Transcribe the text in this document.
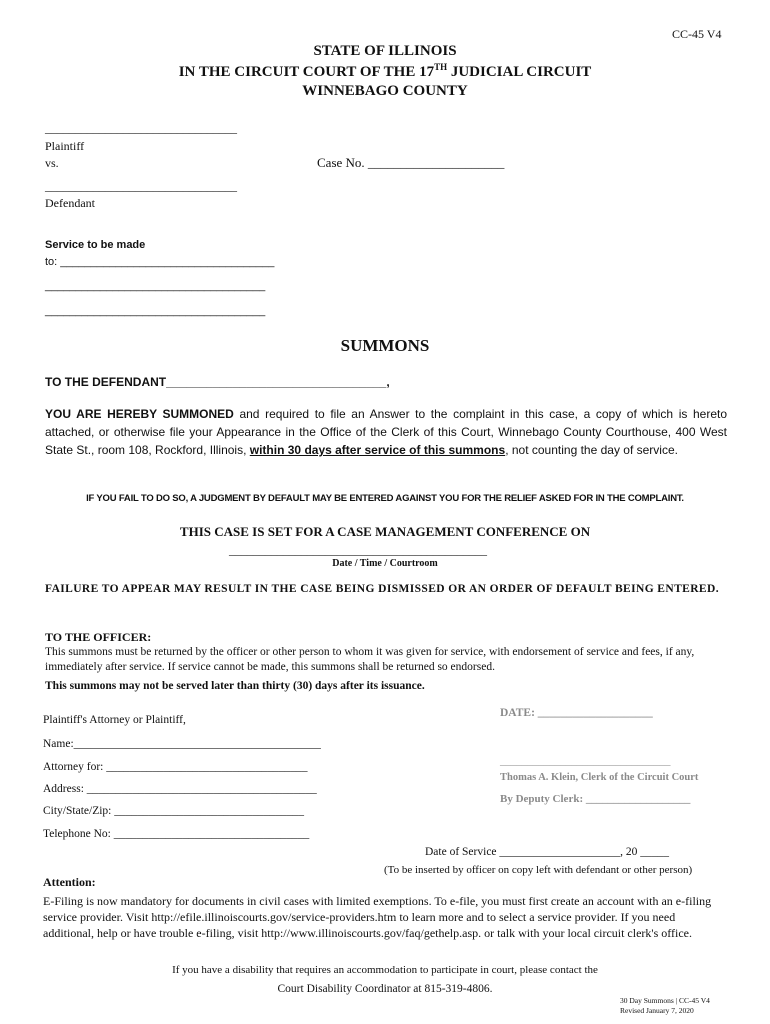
CC-45 V4
STATE OF ILLINOIS
IN THE CIRCUIT COURT OF THE 17TH JUDICIAL CIRCUIT
WINNEBAGO COUNTY
________________________________
Plaintiff
vs.	Case No. _____________________
________________________________
Defendant
Service to be made
to: ___________________________________
____________________________________
____________________________________
SUMMONS
TO THE DEFENDANT_________________________________,
YOU ARE HEREBY SUMMONED and required to file an Answer to the complaint in this case, a copy of which is hereto attached, or otherwise file your Appearance in the Office of the Clerk of this Court, Winnebago County Courthouse, 400 West State St., room 108, Rockford, Illinois, within 30 days after service of this summons, not counting the day of service.
IF YOU FAIL TO DO SO, A JUDGMENT BY DEFAULT MAY BE ENTERED AGAINST YOU FOR THE RELIEF ASKED FOR IN THE COMPLAINT.
THIS CASE IS SET FOR A CASE MANAGEMENT CONFERENCE ON
___________________________________________
Date / Time / Courtroom
FAILURE TO APPEAR MAY RESULT IN THE CASE BEING DISMISSED OR AN ORDER OF DEFAULT BEING ENTERED.
TO THE OFFICER:
This summons must be returned by the officer or other person to whom it was given for service, with endorsement of service and fees, if any, immediately after service. If service cannot be made, this summons shall be returned so endorsed.
This summons may not be served later than thirty (30) days after its issuance.
Plaintiff's Attorney or Plaintiff,
Name:___________________________________________
Attorney for: ___________________________________
Address: ________________________________________
City/State/Zip: _________________________________
Telephone No: __________________________________
DATE: ____________________
_______________________________
Thomas A. Klein, Clerk of the Circuit Court
By Deputy Clerk: ___________________
Date of Service _____________________, 20 _____
(To be inserted by officer on copy left with defendant or other person)
Attention:
E-Filing is now mandatory for documents in civil cases with limited exemptions. To e-file, you must first create an account with an e-filing service provider. Visit http://efile.illinoiscourts.gov/service-providers.htm to learn more and to select a service provider. If you need additional, help or have trouble e-filing, visit http://www.illinoiscourts.gov/faq/gethelp.asp. or talk with your local circuit clerk's office.
If you have a disability that requires an accommodation to participate in court, please contact the
Court Disability Coordinator at 815-319-4806.
30 Day Summons | CC-45 V4
Revised January 7, 2020
